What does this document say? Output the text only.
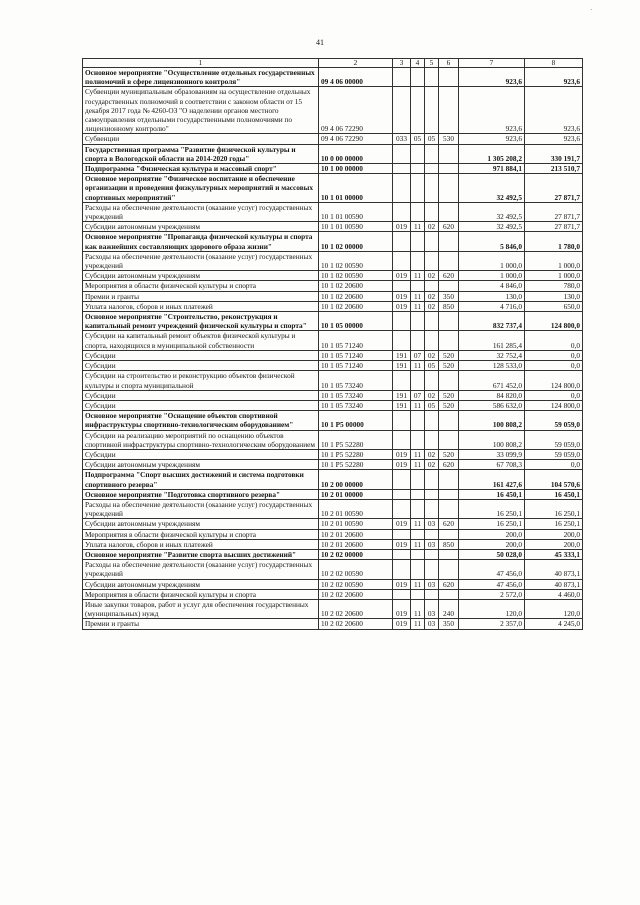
41
1	2	3	4	5	6	7	8
Основное мероприятие "Осуществление отдельных государственных полномочий в сфере лицензионного контроля"	09 4 06 00000					923,6	923,6
Субвенции муниципальным образованиям на осуществление отдельных государственных полномочий в соответствии с законом области от 15 декабря 2017 года № 4260-ОЗ "О наделении органов местного самоуправления отдельными государственными полномочиями по лицензионному контролю"	09 4 06 72290					923,6	923,6
Субвенции	09 4 06 72290	033	05	05	530	923,6	923,6
Государственная программа "Развитие физической культуры и спорта в Вологодской области на 2014-2020 годы"	10 0 00 00000					1 305 208,2	330 191,7
Подпрограмма "Физическая культура и массовый спорт"	10 1 00 00000					971 884,1	213 510,7
Основное мероприятие "Физическое воспитание и обеспечение организации и проведения физкультурных мероприятий и массовых спортивных мероприятий"	10 1 01 00000					32 492,5	27 871,7
Расходы на обеспечение деятельности (оказание услуг) государственных учреждений	10 1 01 00590					32 492,5	27 871,7
Субсидии автономным учреждениям	10 1 01 00590	019	11	02	620	32 492,5	27 871,7
Основное мероприятие "Пропаганда физической культуры и спорта как важнейших составляющих здорового образа жизни"	10 1 02 00000					5 846,0	1 780,0
Расходы на обеспечение деятельности (оказание услуг) государственных учреждений	10 1 02 00590					1 000,0	1 000,0
Субсидии автономным учреждениям	10 1 02 00590	019	11	02	620	1 000,0	1 000,0
Мероприятия в области физической культуры и спорта	10 1 02 20600					4 846,0	780,0
Премии и гранты	10 1 02 20600	019	11	02	350	130,0	130,0
Уплата налогов, сборов и иных платежей	10 1 02 20600	019	11	02	850	4 716,0	650,0
Основное мероприятие "Строительство, реконструкция и капитальный ремонт учреждений физической культуры и спорта"	10 1 05 00000					832 737,4	124 800,0
Субсидии на капитальный ремонт объектов физической культуры и спорта, находящихся в муниципальной собственности	10 1 05 71240					161 285,4	0,0
Субсидии	10 1 05 71240	191	07	02	520	32 752,4	0,0
Субсидии	10 1 05 71240	191	11	05	520	128 533,0	0,0
Субсидии на строительство и реконструкцию объектов физической культуры и спорта муниципальной	10 1 05 73240					671 452,0	124 800,0
Субсидии	10 1 05 73240	191	07	02	520	84 820,0	0,0
Субсидии	10 1 05 73240	191	11	05	520	586 632,0	124 800,0
Основное мероприятие "Оснащение объектов спортивной инфраструктуры спортивно-технологическим оборудованием"	10 1 P5 00000					100 808,2	59 059,0
Субсидии на реализацию мероприятий по оснащению объектов спортивной инфраструктуры спортивно-технологическим оборудованием	10 1 P5 52280					100 808,2	59 059,0
Субсидии	10 1 P5 52280	019	11	02	520	33 099,9	59 059,0
Субсидии автономным учреждениям	10 1 P5 52280	019	11	02	620	67 708,3	0,0
Подпрограмма "Спорт высших достижений и система подготовки спортивного резерва"	10 2 00 00000					161 427,6	104 570,6
Основное мероприятие "Подготовка спортивного резерва"	10 2 01 00000					16 450,1	16 450,1
Расходы на обеспечение деятельности (оказание услуг) государственных учреждений	10 2 01 00590					16 250,1	16 250,1
Субсидии автономным учреждениям	10 2 01 00590	019	11	03	620	16 250,1	16 250,1
Мероприятия в области физической культуры и спорта	10 2 01 20600					200,0	200,0
Уплата налогов, сборов и иных платежей	10 2 01 20600	019	11	03	850	200,0	200,0
Основное мероприятие "Развитие спорта высших достижений"	10 2 02 00000					50 028,0	45 333,1
Расходы на обеспечение деятельности (оказание услуг) государственных учреждений	10 2 02 00590					47 456,0	40 873,1
Субсидии автономным учреждениям	10 2 02 00590	019	11	03	620	47 456,0	40 873,1
Мероприятия в области физической культуры и спорта	10 2 02 20600					2 572,0	4 460,0
Иные закупки товаров, работ и услуг для обеспечения государственных (муниципальных) нужд	10 2 02 20600	019	11	03	240	120,0	120,0
Премии и гранты	10 2 02 20600	019	11	03	350	2 357,0	4 245,0
·
